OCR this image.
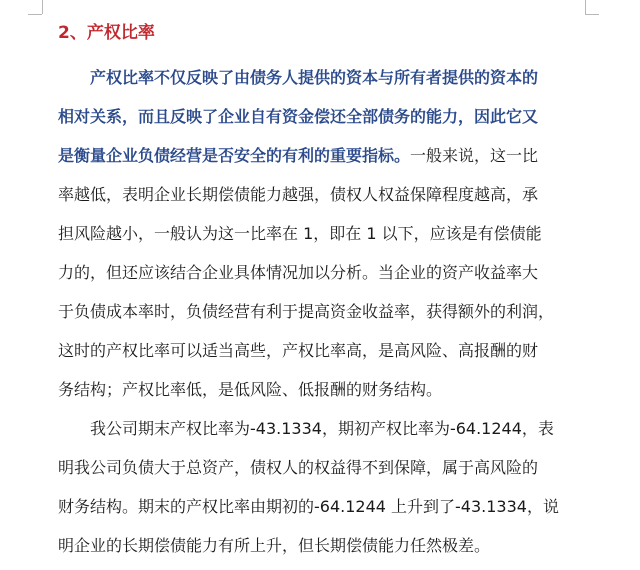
2、产权比率
产权比率不仅反映了由债务人提供的资本与所有者提供的资本的
相对关系，而且反映了企业自有资金偿还全部债务的能力，因此它又
是衡量企业负债经营是否安全的有利的重要指标。一般来说，这一比
率越低，表明企业长期偿债能力越强，债权人权益保障程度越高，承
担风险越小，一般认为这一比率在 1，即在 1 以下，应该是有偿债能
力的，但还应该结合企业具体情况加以分析。当企业的资产收益率大
于负债成本率时，负债经营有利于提高资金收益率，获得额外的利润，
这时的产权比率可以适当高些，产权比率高，是高风险、高报酬的财
务结构；产权比率低，是低风险、低报酬的财务结构。
我公司期末产权比率为-43.1334，期初产权比率为-64.1244，表
明我公司负债大于总资产，债权人的权益得不到保障，属于高风险的
财务结构。期末的产权比率由期初的-64.1244 上升到了-43.1334，说
明企业的长期偿债能力有所上升，但长期偿债能力任然极差。
